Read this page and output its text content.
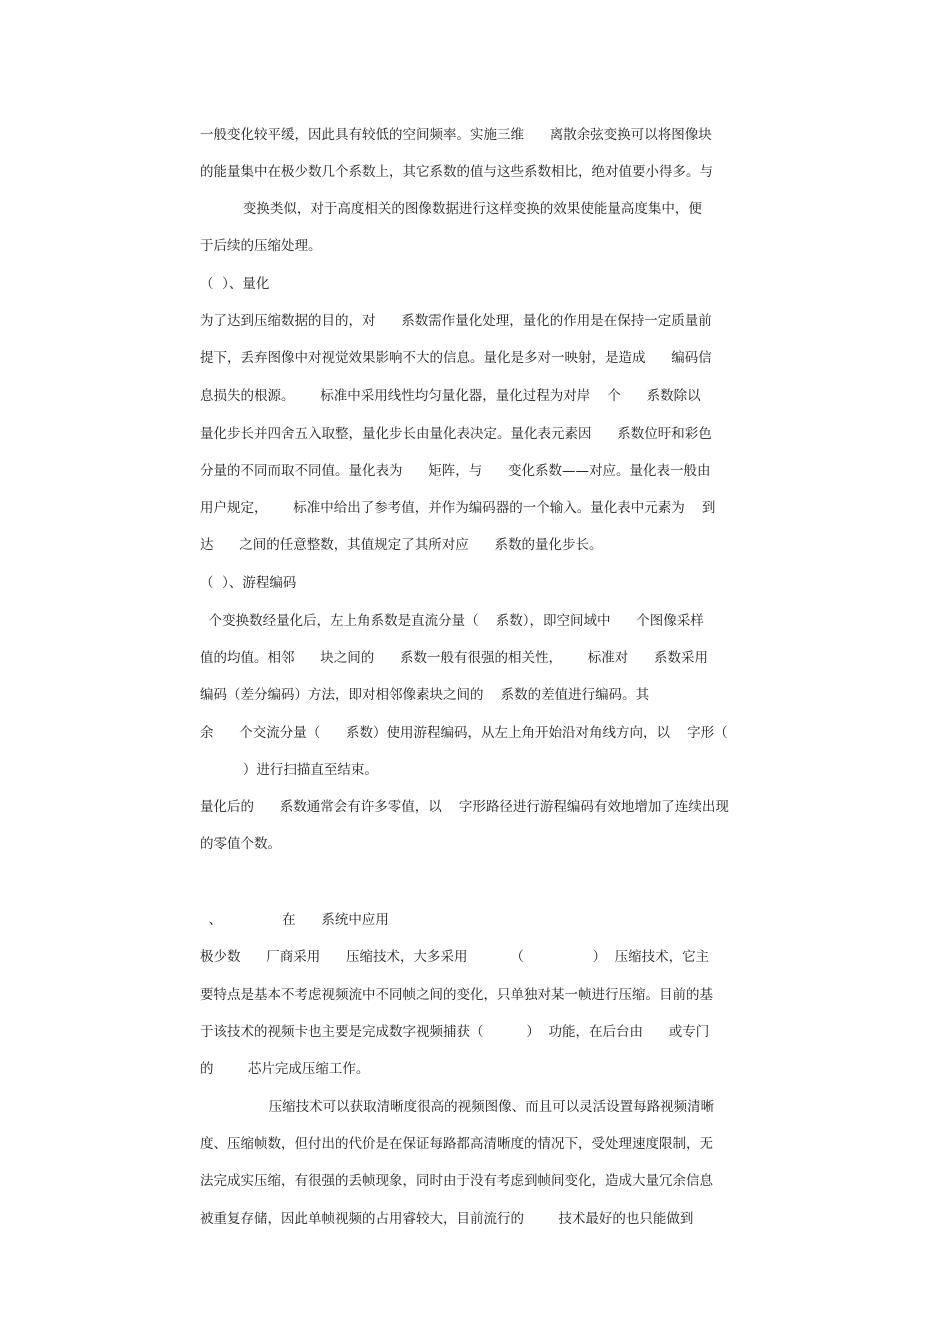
一般变化较平缓，因此具有较低的空间频率。实施三维      离散余弦变换可以将图像块
的能量集中在极少数几个系数上，其它系数的值与这些系数相比，绝对值要小得多。与
变换类似，对于高度相关的图像数据进行这样变换的效果使能量高度集中，便
于后续的压缩处理。
（  ）、量化
为了达到压缩数据的目的，对      系数需作量化处理，量化的作用是在保持一定质量前
提下，丢弃图像中对视觉效果影响不大的信息。量化是多对一映射，是造成      编码信
息损失的根源。      标准中采用线性均匀量化器，量化过程为对岸    个      系数除以
量化步长并四舍五入取整，量化步长由量化表决定。量化表元素因      系数位旴和彩色
分量的不同而取不同值。量化表为      矩阵，与      变化系数——对应。量化表一般由
用户规定，      标准中给出了参考值，并作为编码器的一个输入。量化表中元素为    到
达      之间的任意整数，其值规定了其所对应      系数的量化步长。
（  ）、游程编码
个变换数经量化后，左上角系数是直流分量（    系数），即空间域中      个图像采样
值的均值。相邻      块之间的      系数一般有很强的相关性，      标准对      系数采用
编码（差分编码）方法，即对相邻像素块之间的    系数的差值进行编码。其
余      个交流分量（      系数）使用游程编码，从左上角开始沿对角线方向，以    字形（
）进行扫描直至结束。
量化后的      系数通常会有许多零值，以    字形路径进行游程编码有效地增加了连续出现
的零值个数。
、              在      系统中应用
极少数      厂商采用      压缩技术，大多采用          （                ）  压缩技术，它主
要特点是基本不考虑视频流中不同帧之间的变化，只单独对某一帧进行压缩。目前的基
于该技术的视频卡也主要是完成数字视频捕获（          ）  功能，在后台由      或专门
的        芯片完成压缩工作。
压缩技术可以获取清晰度很高的视频图像、而且可以灵活设置每路视频清晰
度、压缩帧数，但付出的代价是在保证每路都高清晰度的情况下，受处理速度限制，无
法完成实压缩，有很强的丢帧现象，同时由于没有考虑到帧间变化，造成大量冗余信息
被重复存储，因此单帧视频的占用睿较大，目前流行的        技术最好的也只能做到
